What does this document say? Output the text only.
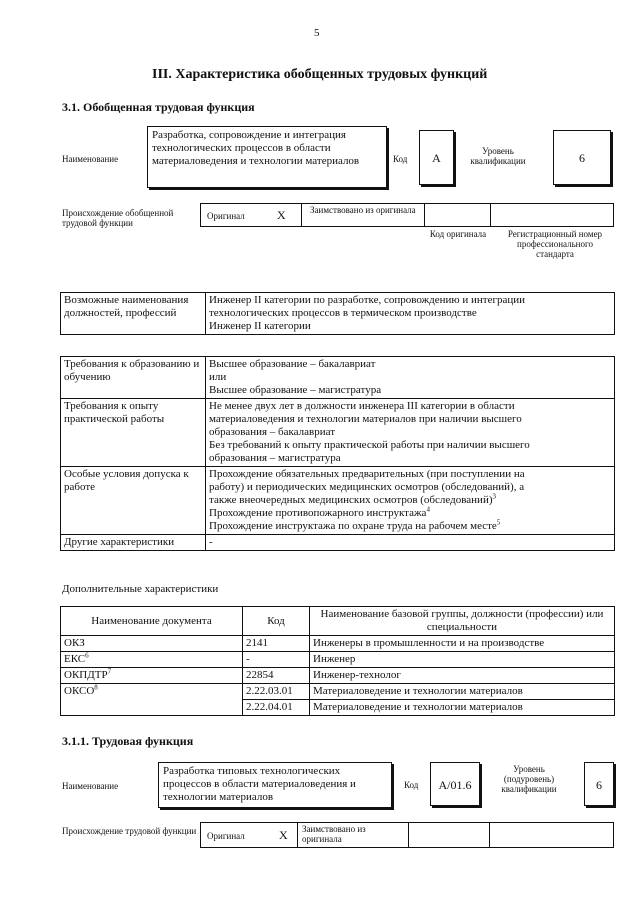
5
III. Характеристика обобщенных трудовых функций
3.1. Обобщенная трудовая функция
Наименование
Разработка, сопровождение и интеграция технологических процессов в области материаловедения и технологии материалов	Код	А	Уровень квалификации	6
Происхождение обобщенной трудовой функции
Оригинал	X	Заимствовано из оригинала
Код оригинала	Регистрационный номер профессионального стандарта
Возможные наименования должностей, профессий	
Инженер II категории по разработке, сопровождению и интеграции
технологических процессов в термическом производстве
Инженер II категории
Требования к образованию и обучению	Высшее образование – бакалавриат
или
Высшее образование – магистратура

Требования к опыту практической работы	Не менее двух лет в должности инженера III категории в области
материаловедения и технологии материалов при наличии высшего
образования – бакалавриат
Без требований к опыту практической работы при наличии высшего
образования – магистратура

Особые условия допуска к работе	Прохождение обязательных предварительных (при поступлении на
работу) и периодических медицинских осмотров (обследований), а
также внеочередных медицинских осмотров (обследований)$^3$
Прохождение противопожарного инструктажа$^4$
Прохождение инструктажа по охране труда на рабочем месте$^5$

Другие характеристики	-
Дополнительные характеристики
Наименование документа	Код	Наименование базовой группы, должности (профессии) или специальности
ОКЗ	2141	Инженеры в промышленности и на производстве
ЕКС$^6$	-	Инженер
ОКПДТР$^7$	22854	Инженер-технолог
ОКСО$^8$	2.22.03.01	Материаловедение и технологии материалов
	2.22.04.01	Материаловедение и технологии материалов
3.1.1. Трудовая функция
Наименование
Разработка типовых технологических процессов в области материаловедения и технологии материалов
Код	А/01.6
Уровень (подуровень) квалификации	6
Происхождение трудовой функции Оригинал	X	Заимствовано из оригинала
